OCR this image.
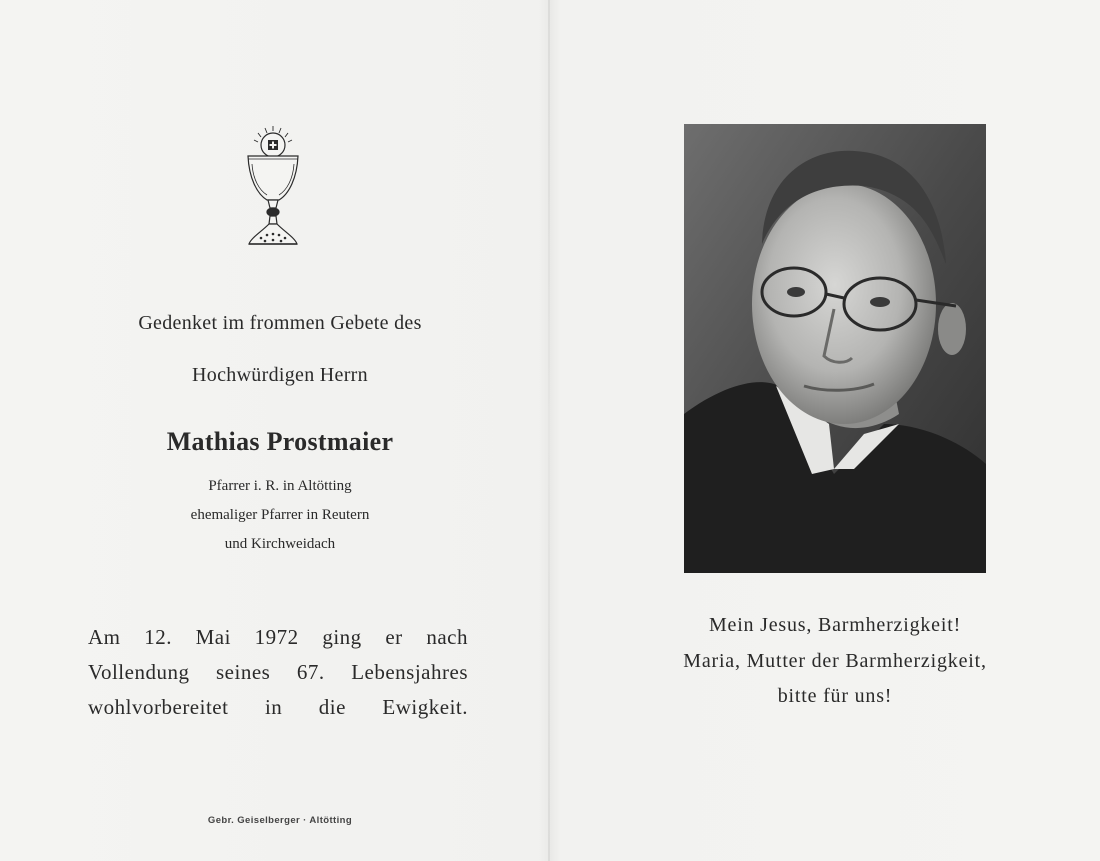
Gedenket im frommen Gebete des
Hochwürdigen Herrn
Mathias Prostmaier
Pfarrer i. R. in Altötting
ehemaliger Pfarrer in Reutern
und Kirchweidach
Am 12. Mai 1972 ging er nach
Vollendung seines 67. Lebensjahres
wohlvorbereitet in die Ewigkeit.
Gebr. Geiselberger · Altötting
Mein Jesus, Barmherzigkeit!
Maria, Mutter der Barmherzigkeit,
bitte für uns!
